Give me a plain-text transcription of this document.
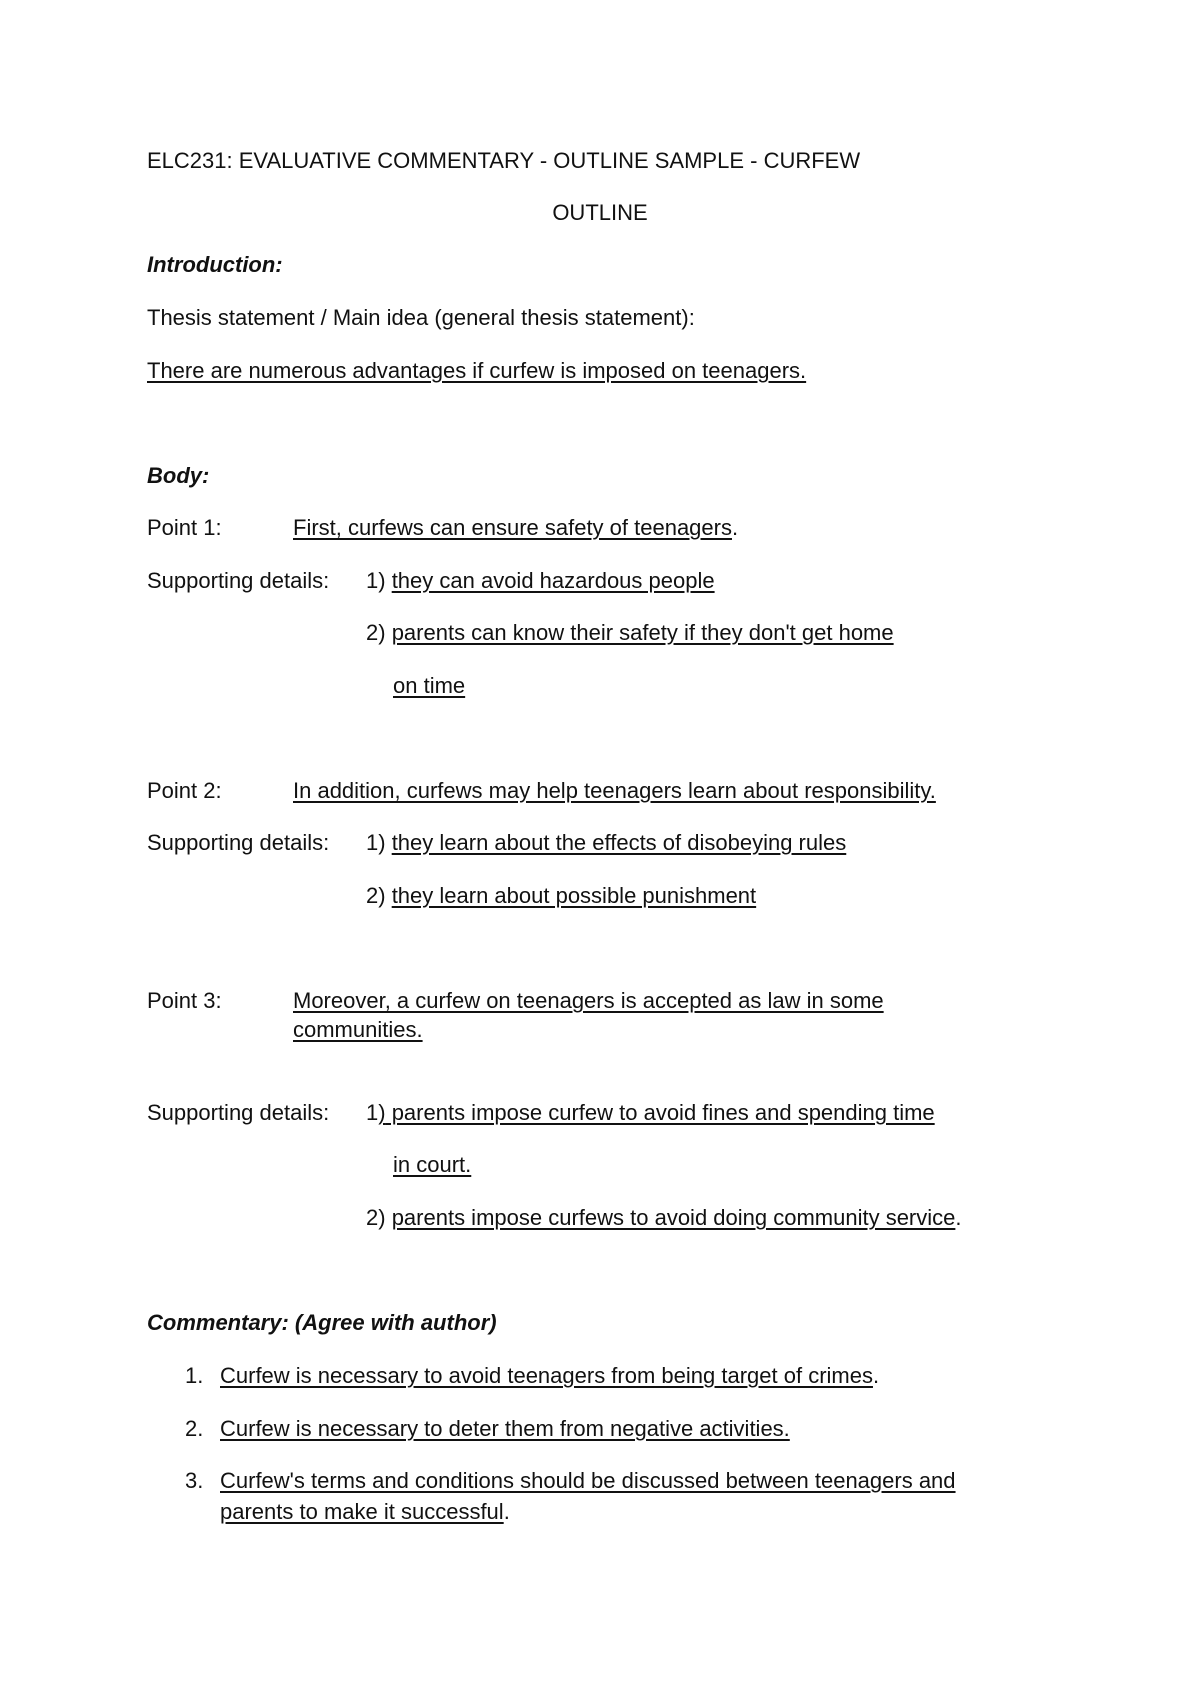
ELC231: EVALUATIVE COMMENTARY - OUTLINE SAMPLE - CURFEW
OUTLINE
Introduction:
Thesis statement / Main idea (general thesis statement):
There are numerous advantages if curfew is imposed on teenagers.
Body:
Point 1:	First, curfews can ensure safety of teenagers.
Supporting details: 1) they can avoid hazardous people
2) parents can know their safety if they don't get home
on time
Point 2:	In addition, curfews may help teenagers learn about responsibility.
Supporting details: 1) they learn about the effects of disobeying rules
2) they learn about possible punishment
Point 3:	Moreover, a curfew on teenagers is accepted as law in some
communities.
Supporting details: 1) parents impose curfew to avoid fines and spending time
in court.
2) parents impose curfews to avoid doing community service.
Commentary: (Agree with author)
1. Curfew is necessary to avoid teenagers from being target of crimes.
2. Curfew is necessary to deter them from negative activities.
3. Curfew's terms and conditions should be discussed between teenagers and
parents to make it successful.
